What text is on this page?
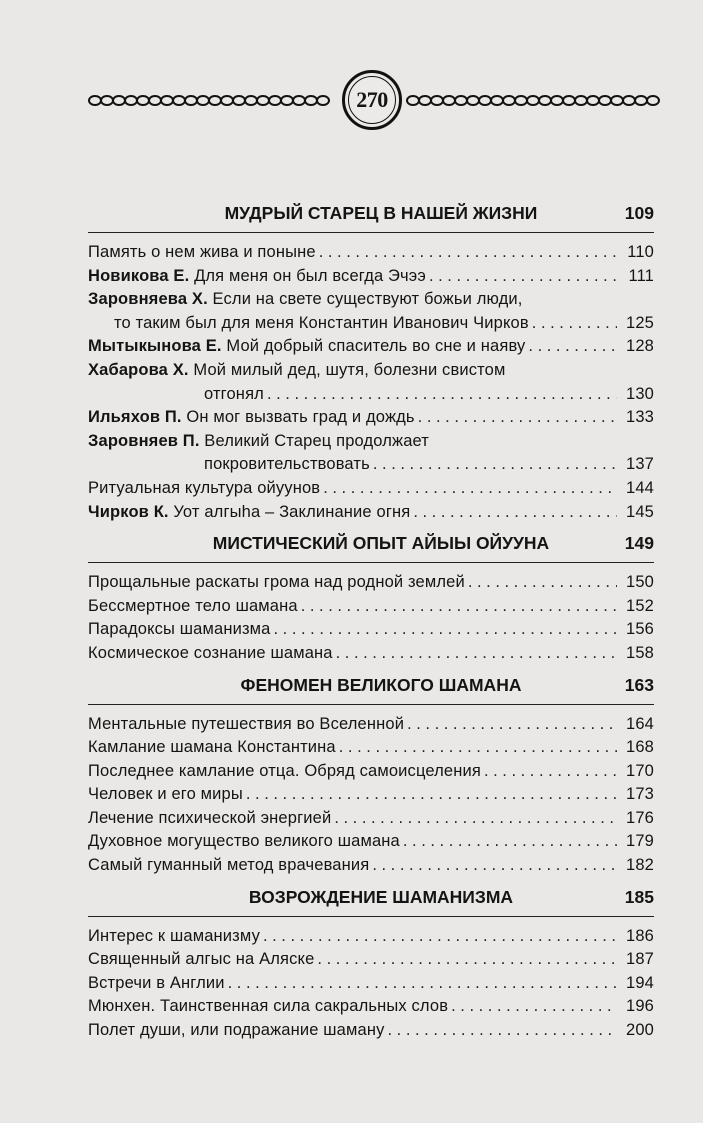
270
МУДРЫЙ СТАРЕЦ В НАШЕЙ ЖИЗНИ	109
Память о нем жива и поныне . . .	110
Новикова Е. Для меня он был всегда Эчээ . . .	111
Заровняева Х. Если на свете существуют божьи люди,
то таким был для меня Константин Иванович Чирков . . .	125
Мытыкынова Е. Мой добрый спаситель во сне и наяву . . .	128
Хабарова Х. Мой милый дед, шутя, болезни свистом
отгонял . . .	130
Ильяхов П. Он мог вызвать град и дождь . . .	133
Заровняев П. Великий Старец продолжает
покровительствовать . . .	137
Ритуальная культура ойуунов . . .	144
Чирков К. Уот алгыhа – Заклинание огня . . .	145
МИСТИЧЕСКИЙ ОПЫТ АЙЫЫ ОЙУУНА	149
Прощальные раскаты грома над родной землей . . .	150
Бессмертное тело шамана . . .	152
Парадоксы шаманизма . . .	156
Космическое сознание шамана . . .	158
ФЕНОМЕН ВЕЛИКОГО ШАМАНА	163
Ментальные путешествия во Вселенной . . .	164
Камлание шамана Константина . . .	168
Последнее камлание отца. Обряд самоисцеления . . .	170
Человек и его миры . . .	173
Лечение психической энергией . . .	176
Духовное могущество великого шамана . . .	179
Самый гуманный метод врачевания . . .	182
ВОЗРОЖДЕНИЕ ШАМАНИЗМА	185
Интерес к шаманизму . . .	186
Священный алгыс на Аляске . . .	187
Встречи в Англии . . .	194
Мюнхен. Таинственная сила сакральных слов . . .	196
Полет души, или подражание шаману . . .	200
